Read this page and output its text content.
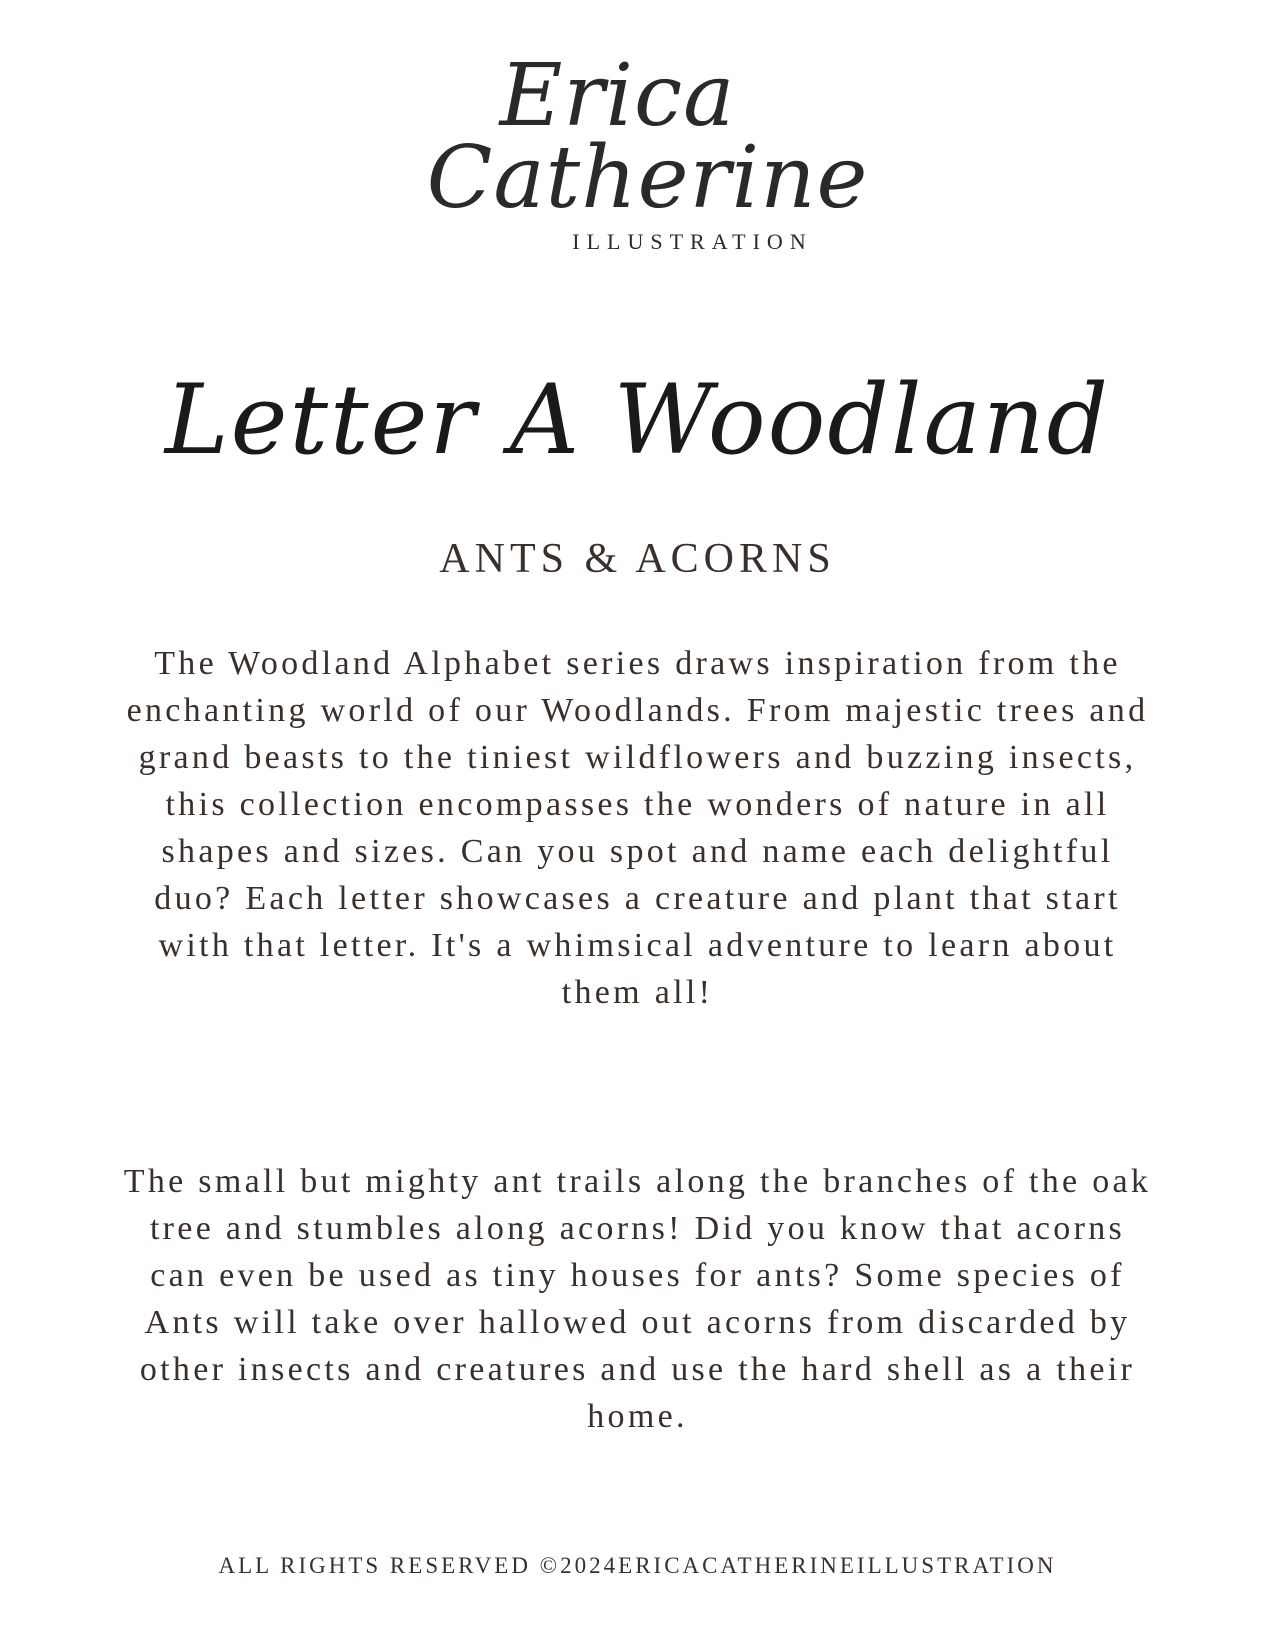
Erica
Catherine
ILLUSTRATION
Letter A Woodland
ANTS & ACORNS

The Woodland Alphabet series draws inspiration from the enchanting world of our Woodlands. From majestic trees and grand beasts to the tiniest wildflowers and buzzing insects, this collection encompasses the wonders of nature in all shapes and sizes. Can you spot and name each delightful duo? Each letter showcases a creature and plant that start with that letter. It's a whimsical adventure to learn about them all!

The small but mighty ant trails along the branches of the oak tree and stumbles along acorns! Did you know that acorns can even be used as tiny houses for ants? Some species of Ants will take over hallowed out acorns from discarded by other insects and creatures and use the hard shell as a their home.

ALL RIGHTS RESERVED ©2024ERICACATHERINEILLUSTRATION
